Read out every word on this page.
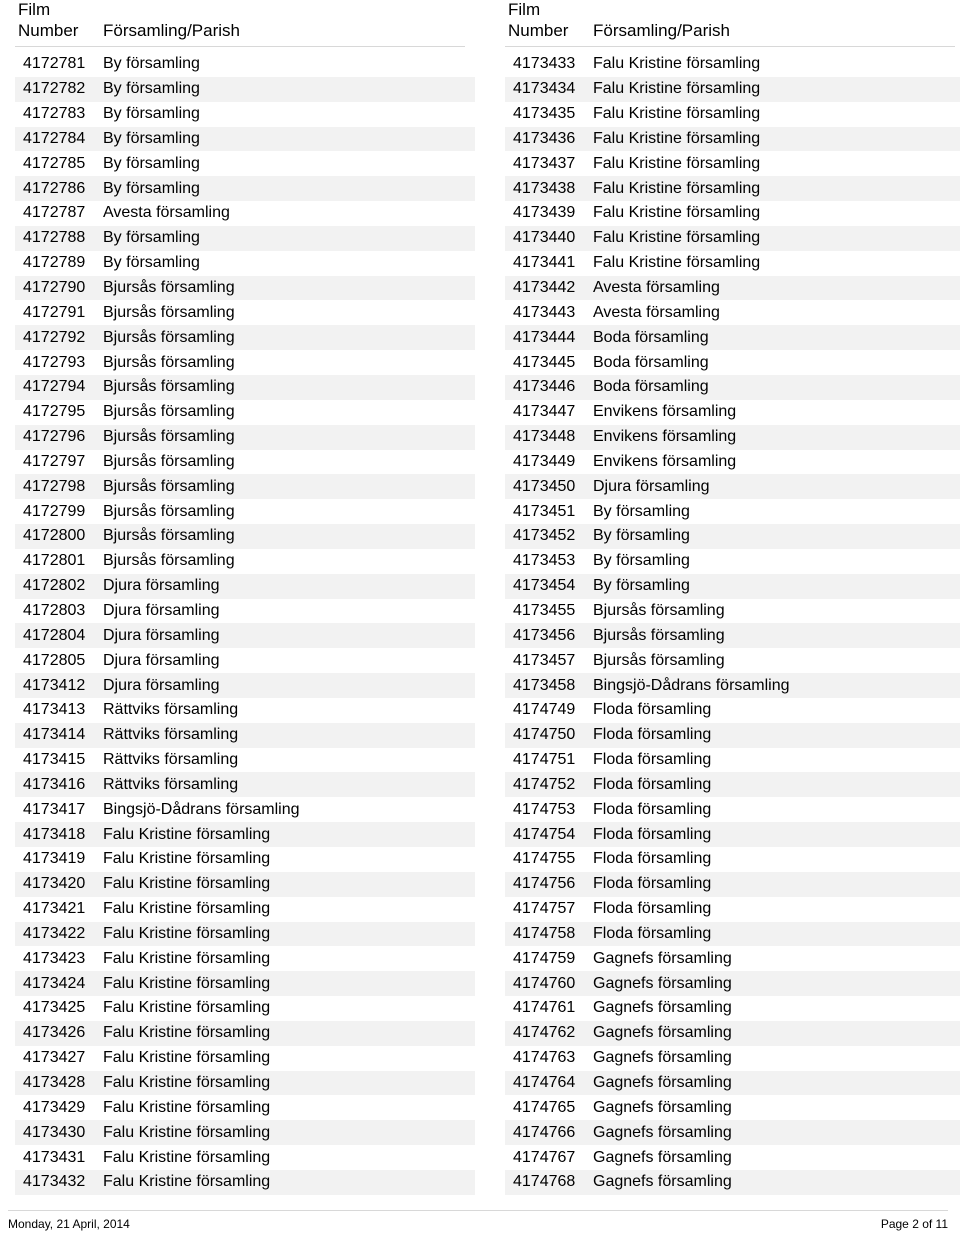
Film
Number Församling/Parish
4172781	By församling
4172782	By församling
4172783	By församling
4172784	By församling
4172785	By församling
4172786	By församling
4172787	Avesta församling
4172788	By församling
4172789	By församling
4172790	Bjursås församling
4172791	Bjursås församling
4172792	Bjursås församling
4172793	Bjursås församling
4172794	Bjursås församling
4172795	Bjursås församling
4172796	Bjursås församling
4172797	Bjursås församling
4172798	Bjursås församling
4172799	Bjursås församling
4172800	Bjursås församling
4172801	Bjursås församling
4172802	Djura församling
4172803	Djura församling
4172804	Djura församling
4172805	Djura församling
4173412	Djura församling
4173413	Rättviks församling
4173414	Rättviks församling
4173415	Rättviks församling
4173416	Rättviks församling
4173417	Bingsjö-Dådrans församling
4173418	Falu Kristine församling
4173419	Falu Kristine församling
4173420	Falu Kristine församling
4173421	Falu Kristine församling
4173422	Falu Kristine församling
4173423	Falu Kristine församling
4173424	Falu Kristine församling
4173425	Falu Kristine församling
4173426	Falu Kristine församling
4173427	Falu Kristine församling
4173428	Falu Kristine församling
4173429	Falu Kristine församling
4173430	Falu Kristine församling
4173431	Falu Kristine församling
4173432	Falu Kristine församling
Film
Number Församling/Parish
4173433	Falu Kristine församling
4173434	Falu Kristine församling
4173435	Falu Kristine församling
4173436	Falu Kristine församling
4173437	Falu Kristine församling
4173438	Falu Kristine församling
4173439	Falu Kristine församling
4173440	Falu Kristine församling
4173441	Falu Kristine församling
4173442	Avesta församling
4173443	Avesta församling
4173444	Boda församling
4173445	Boda församling
4173446	Boda församling
4173447	Envikens församling
4173448	Envikens församling
4173449	Envikens församling
4173450	Djura församling
4173451	By församling
4173452	By församling
4173453	By församling
4173454	By församling
4173455	Bjursås församling
4173456	Bjursås församling
4173457	Bjursås församling
4173458	Bingsjö-Dådrans församling
4174749	Floda församling
4174750	Floda församling
4174751	Floda församling
4174752	Floda församling
4174753	Floda församling
4174754	Floda församling
4174755	Floda församling
4174756	Floda församling
4174757	Floda församling
4174758	Floda församling
4174759	Gagnefs församling
4174760	Gagnefs församling
4174761	Gagnefs församling
4174762	Gagnefs församling
4174763	Gagnefs församling
4174764	Gagnefs församling
4174765	Gagnefs församling
4174766	Gagnefs församling
4174767	Gagnefs församling
4174768	Gagnefs församling
Monday, 21 April, 2014	Page 2 of 11
